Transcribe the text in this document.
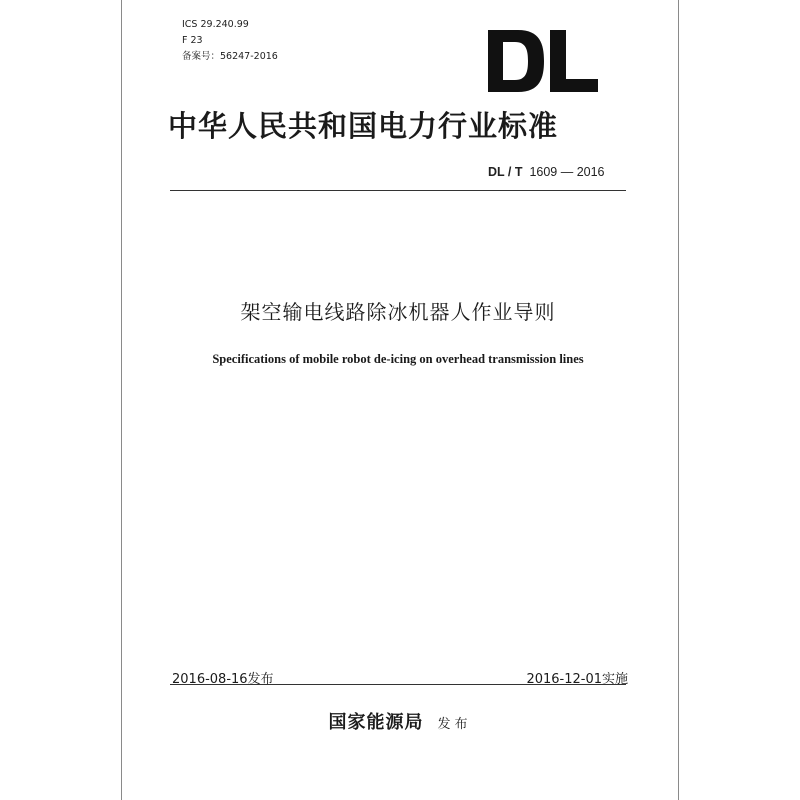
ICS 29.240.99
F 23
备案号：56247-2016
中华人民共和国电力行业标准
DL / T 1609 — 2016
架空输电线路除冰机器人作业导则
Specifications of mobile robot de-icing on overhead transmission lines
2016-08-16发布	2016-12-01实施
国家能源局 发布
